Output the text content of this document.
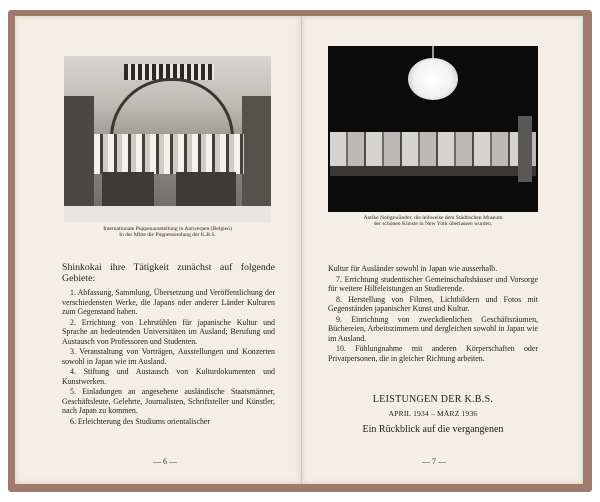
Internationale Puppenausstellung in Antwerpen (Belgien)
In der Mitte die Puppensendung der K.B.S.

Shinkokai ihre Tätigkeit zunächst auf folgende Gebiete:

1. Abfassung, Sammlung, Übersetzung und Veröffentlichung der verschiedensten Werke, die Japans oder anderer Länder Kulturen zum Gegenstand haben.

2. Errichtung von Lehrstühlen für japanische Kultur und Sprache an bedeutenden Universitäten im Ausland; Berufung und Austausch von Professoren und Studenten.

3. Veranstaltung von Vorträgen, Ausstellungen und Konzerten sowohl in Japan wie im Ausland.

4. Stiftung und Austausch von Kulturdokumenten und Kunstwerken.

5. Einladungen an angesehene ausländische Staatsmänner, Geschäftsleute, Gelehrte, Journalisten, Schriftsteller und Künstler, nach Japan zu kommen.

6. Erleichterung des Studiums orientalischer

— 6 —
Antike Nobgewänder, die leihweise dem Städtischen Museum
der schönen Künste in New York überlassen wurden.

Kultur für Ausländer sowohl in Japan wie ausserhalb.

7. Errichtung studentischer Gemeinschaftshäuser und Vorsorge für weitere Hilfeleistungen an Studierende.

8. Herstellung von Filmen, Lichtbildern und Fotos mit Gegenständen japanischer Kunst und Kultur.

9. Einrichtung von zweckdienlichen Geschäftsräumen, Büchereien, Arbeitszimmern und dergleichen sowohl in Japan wie im Ausland.

10. Fühlungnahme mit anderen Körperschaften oder Privatpersonen, die in gleicher Richtung arbeiten.

LEISTUNGEN DER K.B.S.
APRIL 1934 – MÄRZ 1936
Ein Rückblick auf die vergangenen
— 7 —
